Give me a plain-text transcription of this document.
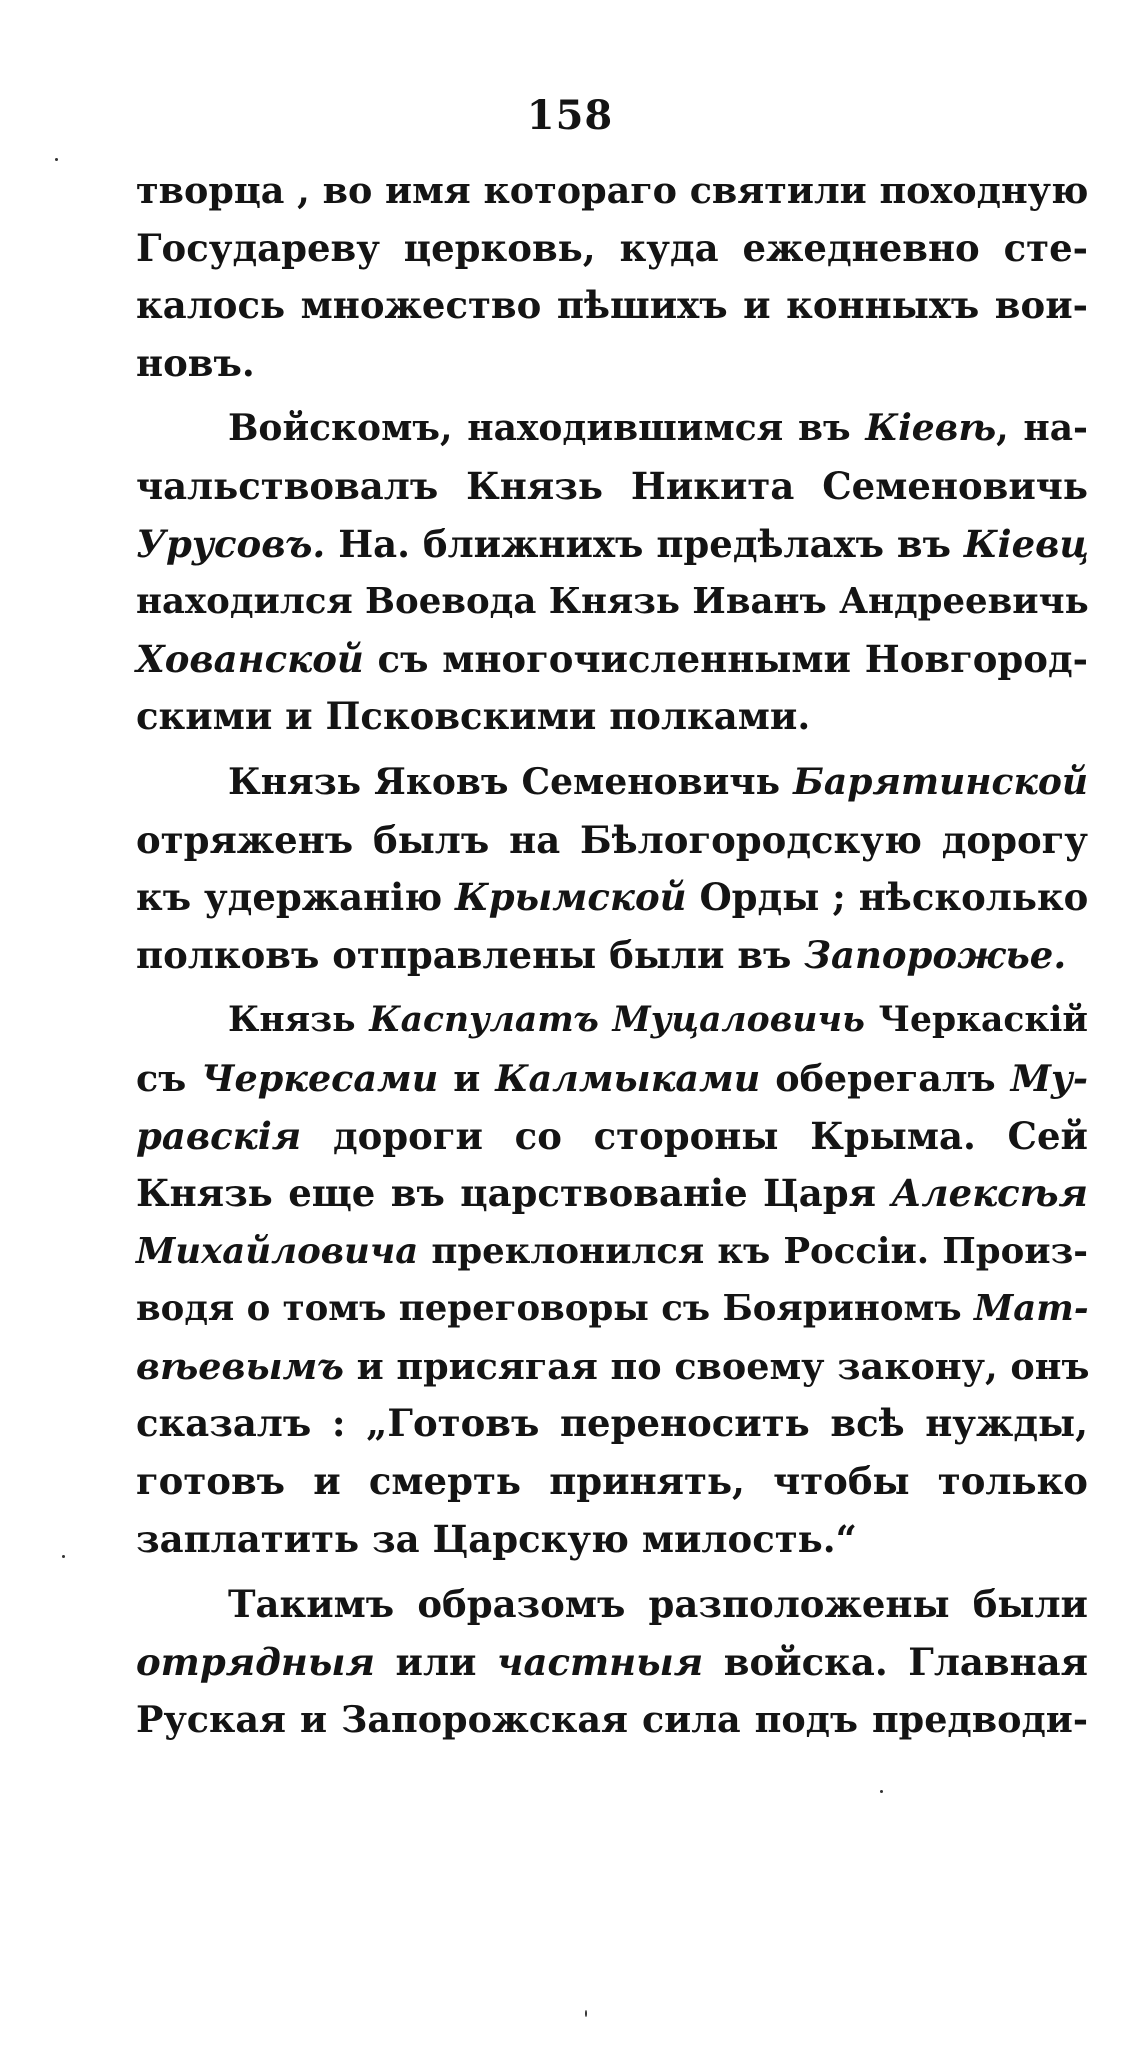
158
творца , во имя котораго святили походную
Государеву церковь, куда ежедневно сте-
калось множество пѣшихъ и конныхъ вои-
новъ.
Войскомъ, находившимся въ Кіевѣ, на-
чальствовалъ Князь Никита Семеновичь
Урусовъ. На. ближнихъ предѣлахъ въ Кіевц
находился Воевода Князь Иванъ Андреевичь
Хованской съ многочисленными Новгород-
скими и Псковскими полками.
Князь Яковъ Семеновичь Барятинской
отряженъ былъ на Бѣлогородскую дорогу
къ удержанію Крымской Орды ; нѣсколько
полковъ отправлены были въ Запорожье.
Князь Каспулатъ Муцаловичь Черкаскій
съ Черкесами и Калмыками оберегалъ Му-
равскія дороги со стороны Крыма. Сей
Князь еще въ царствованіе Царя Алексѣя
Михайловича преклонился къ Россіи. Произ-
водя о томъ переговоры съ Бояриномъ Мат-
вѣевымъ и присягая по своему закону, онъ
сказалъ : „Готовъ переносить всѣ нужды,
готовъ и смерть принять, чтобы только
заплатить за Царскую милость.“
Такимъ образомъ разположены были
отрядныя или частныя войска. Главная
Руская и Запорожская сила подъ предводи-
